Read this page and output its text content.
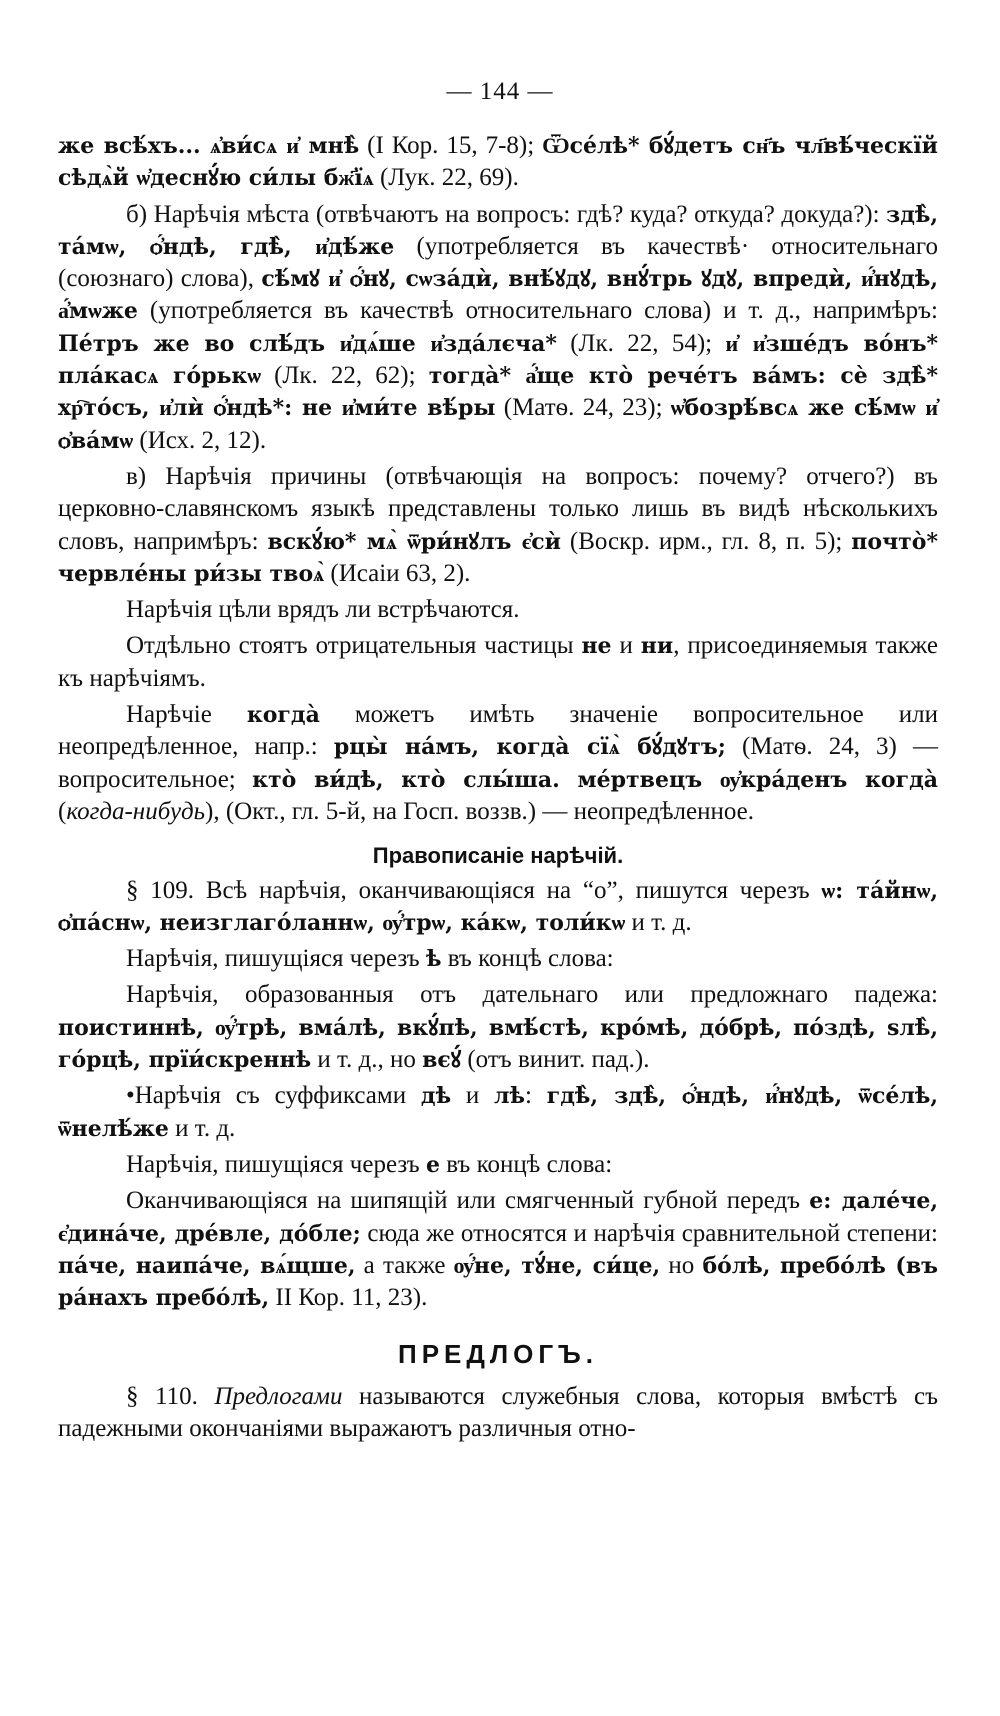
— 144 —

же всѣ́хъ... ѧ҆ви́сѧ и҆ мнѣ̀ (I Кор. 15, 7-8); Ѿсе́лѣ* бꙋ́детъ сн҃ъ чл҃вѣ́ческїй сѣдѧ̀й ѡ҆деснꙋ́ю си́лы бж҃їѧ (Лук. 22, 69).

б) Нарѣчія мѣста (отвѣчаютъ на вопросъ: гдѣ? куда? откуда? докуда?): здѣ̀, та́мѡ, ѻ҆́ндѣ, гдѣ̀, и҆дѣ́же (употребляется въ качествѣ· относительнаго (союзнаго) слова), сѣ́мꙋ и҆ ѻ҆́нꙋ, сѡза́дѝ, внѣ́ꙋдꙋ, внꙋ́трь ꙋдꙋ, впредѝ, и҆́нꙋдѣ, а҆́мѡже (употребляется въ качествѣ относительнаго слова) и т. д., напримѣръ: Пе́тръ же во слѣ́дъ и҆дѧ́ше и҆зда́лєча* (Лк. 22, 54); и҆ и҆зше́дъ во́нъ* пла́касѧ го́рькѡ (Лк. 22, 62); тогда̀* а҆́ще кто̀ рече́тъ ва́мъ: сѐ здѣ̀* хр҇то́съ, и҆лѝ ѻ҆́ндѣ*: не и҆ми́те вѣ́ры (Матѳ. 24, 23); ѡ҆бозрѣ́всѧ же сѣ́мѡ и҆ ѻ҆ва́мѡ (Исх. 2, 12).

в) Нарѣчія причины (отвѣчающія на вопросъ: почему? отчего?) въ церковно-славянскомъ языкѣ представлены только лишь въ видѣ нѣсколькихъ словъ, напримѣръ: вскꙋ́ю* мѧ̀ ѿри́нꙋлъ є҆сѝ (Воскр. ирм., гл. 8, п. 5); почто̀* червле́ны ри́зы твоѧ̀ (Исаіи 63, 2).

Нарѣчія цѣли врядъ ли встрѣчаются.

Отдѣльно стоятъ отрицательныя частицы не и ни, присоединяемыя также къ нарѣчіямъ.

Нарѣчіе когда̀ можетъ имѣть значеніе вопросительное или неопредѣленное, напр.: рцы̀ на́мъ, когда̀ сїѧ̀ бꙋ́дꙋтъ; (Матѳ. 24, 3) — вопросительное; кто̀ ви́дѣ, кто̀ слы́ша. ме́ртвецъ ѹ҆кра́денъ когда̀ (когда-нибудь), (Окт., гл. 5-й, на Госп. воззв.) — неопредѣленное.

Правописаніе нарѣчій.

§ 109. Всѣ нарѣчія, оканчивающіяся на “о”, пишутся черезъ ѡ: та́йнѡ, ѻ҆па́снѡ, неизглаго́ланнѡ, ѹ҆́трѡ, ка́кѡ, толи́кѡ и т. д.

Нарѣчія, пишущіяся черезъ ѣ въ концѣ слова:

Нарѣчія, образованныя отъ дательнаго или предложнаго падежа: поистиннѣ, ѹ҆́трѣ, вма́лѣ, вкꙋ́пѣ, вмѣ́стѣ, кро́мѣ, до́брѣ, по́здѣ, ѕлѣ̀, го́рцѣ, прїи́скреннѣ и т. д., но вєꙋ́ (отъ винит. пад.).

•Нарѣчія съ суффиксами дѣ и лѣ: гдѣ̀, здѣ̀, ѻ҆́ндѣ, и҆́нꙋдѣ, ѿсе́лѣ, ѿнелѣ́же и т. д.

Нарѣчія, пишущіяся черезъ е въ концѣ слова:

Оканчивающіяся на шипящій или смягченный губной передъ е: дале́че, є҆дина́че, дре́вле, до́бле; сюда же относятся и нарѣчія сравнительной степени: па́че, наипа́че, вѧ́щше, а также ѹ҆́не, тꙋ́не, си́це, но бо́лѣ, пребо́лѣ (въ ра́нахъ пребо́лѣ, II Кор. 11, 23).

ПРЕДЛОГЪ.

§ 110. Предлогами называются служебныя слова, которыя вмѣстѣ съ падежными окончаніями выражаютъ различныя отно-
